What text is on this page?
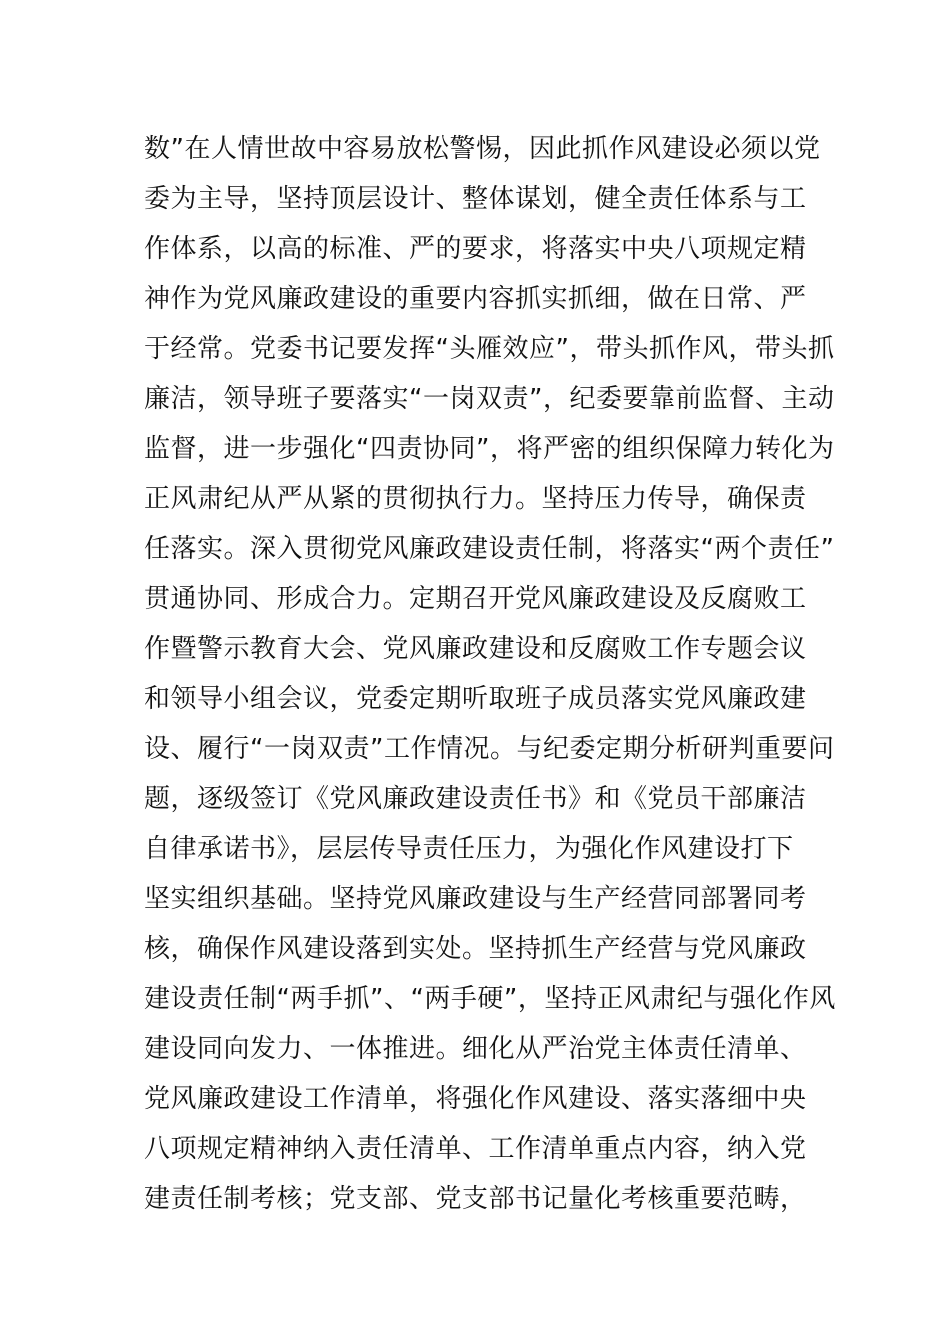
数”在人情世故中容易放松警惕，因此抓作风建设必须以党
委为主导，坚持顶层设计、整体谋划，健全责任体系与工
作体系，以高的标准、严的要求，将落实中央八项规定精
神作为党风廉政建设的重要内容抓实抓细，做在日常、严
于经常。党委书记要发挥“头雁效应”，带头抓作风，带头抓
廉洁，领导班子要落实“一岗双责”，纪委要靠前监督、主动
监督，进一步强化“四责协同”，将严密的组织保障力转化为
正风肃纪从严从紧的贯彻执行力。坚持压力传导，确保责
任落实。深入贯彻党风廉政建设责任制，将落实“两个责任”
贯通协同、形成合力。定期召开党风廉政建设及反腐败工
作暨警示教育大会、党风廉政建设和反腐败工作专题会议
和领导小组会议，党委定期听取班子成员落实党风廉政建
设、履行“一岗双责”工作情况。与纪委定期分析研判重要问
题，逐级签订《党风廉政建设责任书》和《党员干部廉洁
自律承诺书》，层层传导责任压力，为强化作风建设打下
坚实组织基础。坚持党风廉政建设与生产经营同部署同考
核，确保作风建设落到实处。坚持抓生产经营与党风廉政
建设责任制“两手抓”、“两手硬”，坚持正风肃纪与强化作风
建设同向发力、一体推进。细化从严治党主体责任清单、
党风廉政建设工作清单，将强化作风建设、落实落细中央
八项规定精神纳入责任清单、工作清单重点内容，纳入党
建责任制考核；党支部、党支部书记量化考核重要范畴，
